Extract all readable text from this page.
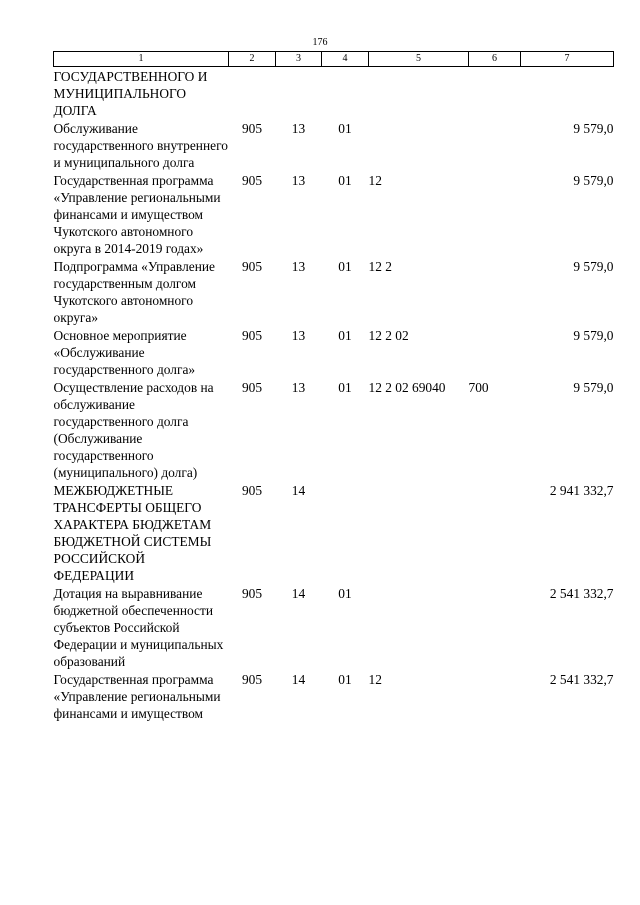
176
1	2	3	4	5	6	7
ГОСУДАРСТВЕННОГО И МУНИЦИПАЛЬНОГО ДОЛГА						
Обслуживание государственного внутреннего и муниципального долга	905	13	01			9 579,0
Государственная программа «Управление региональными финансами и имуществом Чукотского автономного округа в 2014-2019 годах»	905	13	01	12		9 579,0
Подпрограмма «Управление государственным долгом Чукотского автономного округа»	905	13	01	12 2		9 579,0
Основное мероприятие «Обслуживание государственного долга»	905	13	01	12 2 02		9 579,0
Осуществление расходов на обслуживание государственного долга (Обслуживание государственного (муниципального) долга)	905	13	01	12 2 02 69040	700	9 579,0
МЕЖБЮДЖЕТНЫЕ ТРАНСФЕРТЫ ОБЩЕГО ХАРАКТЕРА БЮДЖЕТАМ БЮДЖЕТНОЙ СИСТЕМЫ РОССИЙСКОЙ ФЕДЕРАЦИИ	905	14				2 941 332,7
Дотация на выравнивание бюджетной обеспеченности субъектов Российской Федерации и муниципальных образований	905	14	01			2 541 332,7
Государственная программа «Управление региональными финансами и имуществом	905	14	01	12		2 541 332,7
